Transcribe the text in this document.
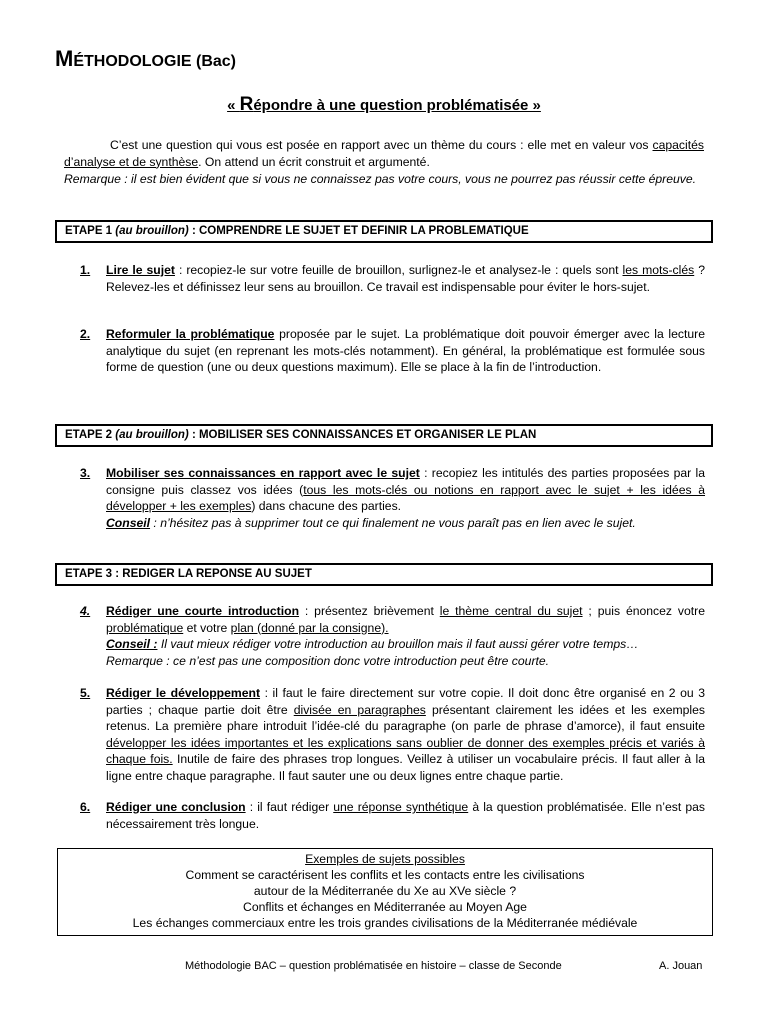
MÉTHODOLOGIE (Bac)
« Répondre à une question problématisée »
C’est une question qui vous est posée en rapport avec un thème du cours : elle met en valeur vos capacités d’analyse et de synthèse. On attend un écrit construit et argumenté.
Remarque : il est bien évident que si vous ne connaissez pas votre cours, vous ne pourrez pas réussir cette épreuve.
ETAPE 1 (au brouillon) : COMPRENDRE LE SUJET ET DEFINIR LA PROBLEMATIQUE
1.	Lire le sujet : recopiez-le sur votre feuille de brouillon, surlignez-le et analysez-le : quels sont les mots-clés ? Relevez-les et définissez leur sens au brouillon. Ce travail est indispensable pour éviter le hors-sujet.
2.	Reformuler la problématique proposée par le sujet. La problématique doit pouvoir émerger avec la lecture analytique du sujet (en reprenant les mots-clés notamment). En général, la problématique est formulée sous forme de question (une ou deux questions maximum). Elle se place à la fin de l’introduction.
ETAPE 2 (au brouillon) : MOBILISER SES CONNAISSANCES ET ORGANISER LE PLAN
3.	Mobiliser ses connaissances en rapport avec le sujet : recopiez les intitulés des parties proposées par la consigne puis classez vos idées (tous les mots-clés ou notions en rapport avec le sujet + les idées à développer + les exemples) dans chacune des parties.
Conseil : n’hésitez pas à supprimer tout ce qui finalement ne vous paraît pas en lien avec le sujet.
ETAPE 3 : REDIGER LA REPONSE AU SUJET
4.	Rédiger une courte introduction : présentez brièvement le thème central du sujet ; puis énoncez votre problématique et votre plan (donné par la consigne).
Conseil : Il vaut mieux rédiger votre introduction au brouillon mais il faut aussi gérer votre temps…
Remarque : ce n’est pas une composition donc votre introduction peut être courte.
5.	Rédiger le développement : il faut le faire directement sur votre copie. Il doit donc être organisé en 2 ou 3 parties ; chaque partie doit être divisée en paragraphes présentant clairement les idées et les exemples retenus. La première phare introduit l’idée-clé du paragraphe (on parle de phrase d’amorce), il faut ensuite développer les idées importantes et les explications sans oublier de donner des exemples précis et variés à chaque fois. Inutile de faire des phrases trop longues. Veillez à utiliser un vocabulaire précis. Il faut aller à la ligne entre chaque paragraphe. Il faut sauter une ou deux lignes entre chaque partie.
6.	Rédiger une conclusion : il faut rédiger une réponse synthétique à la question problématisée. Elle n’est pas nécessairement très longue.
Exemples de sujets possibles
Comment se caractérisent les conflits et les contacts entre les civilisations
autour de la Méditerranée du Xe au XVe siècle ?
Conflits et échanges en Méditerranée au Moyen Age
Les échanges commerciaux entre les trois grandes civilisations de la Méditerranée médiévale
Méthodologie BAC – question problématisée en histoire – classe de Seconde	A. Jouan
